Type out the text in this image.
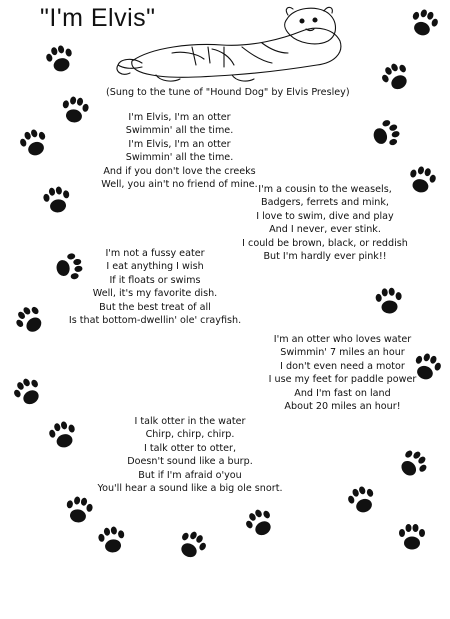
"I'm Elvis"
(Sung to the tune of "Hound Dog" by Elvis Presley)
I'm Elvis, I'm an otter
Swimmin' all the time.
I'm Elvis, I'm an otter
Swimmin' all the time.
And if you don't love the creeks
Well, you ain't no friend of mine. I'm a cousin to the weasels,
Badgers, ferrets and mink,
I love to swim, dive and play
And I never, ever stink.
I could be brown, black, or reddish
But I'm hardly ever pink!!
I'm not a fussy eater
I eat anything I wish
If it floats or swims
Well, it's my favorite dish.
But the best treat of all
Is that bottom-dwellin' ole' crayfish.
I'm an otter who loves water
Swimmin' 7 miles an hour
I don't even need a motor
I use my feet for paddle power
And I'm fast on land
About 20 miles an hour!
I talk otter in the water
Chirp, chirp, chirp.
I talk otter to otter,
Doesn't sound like a burp.
But if I'm afraid o'you
You'll hear a sound like a big ole snort.
